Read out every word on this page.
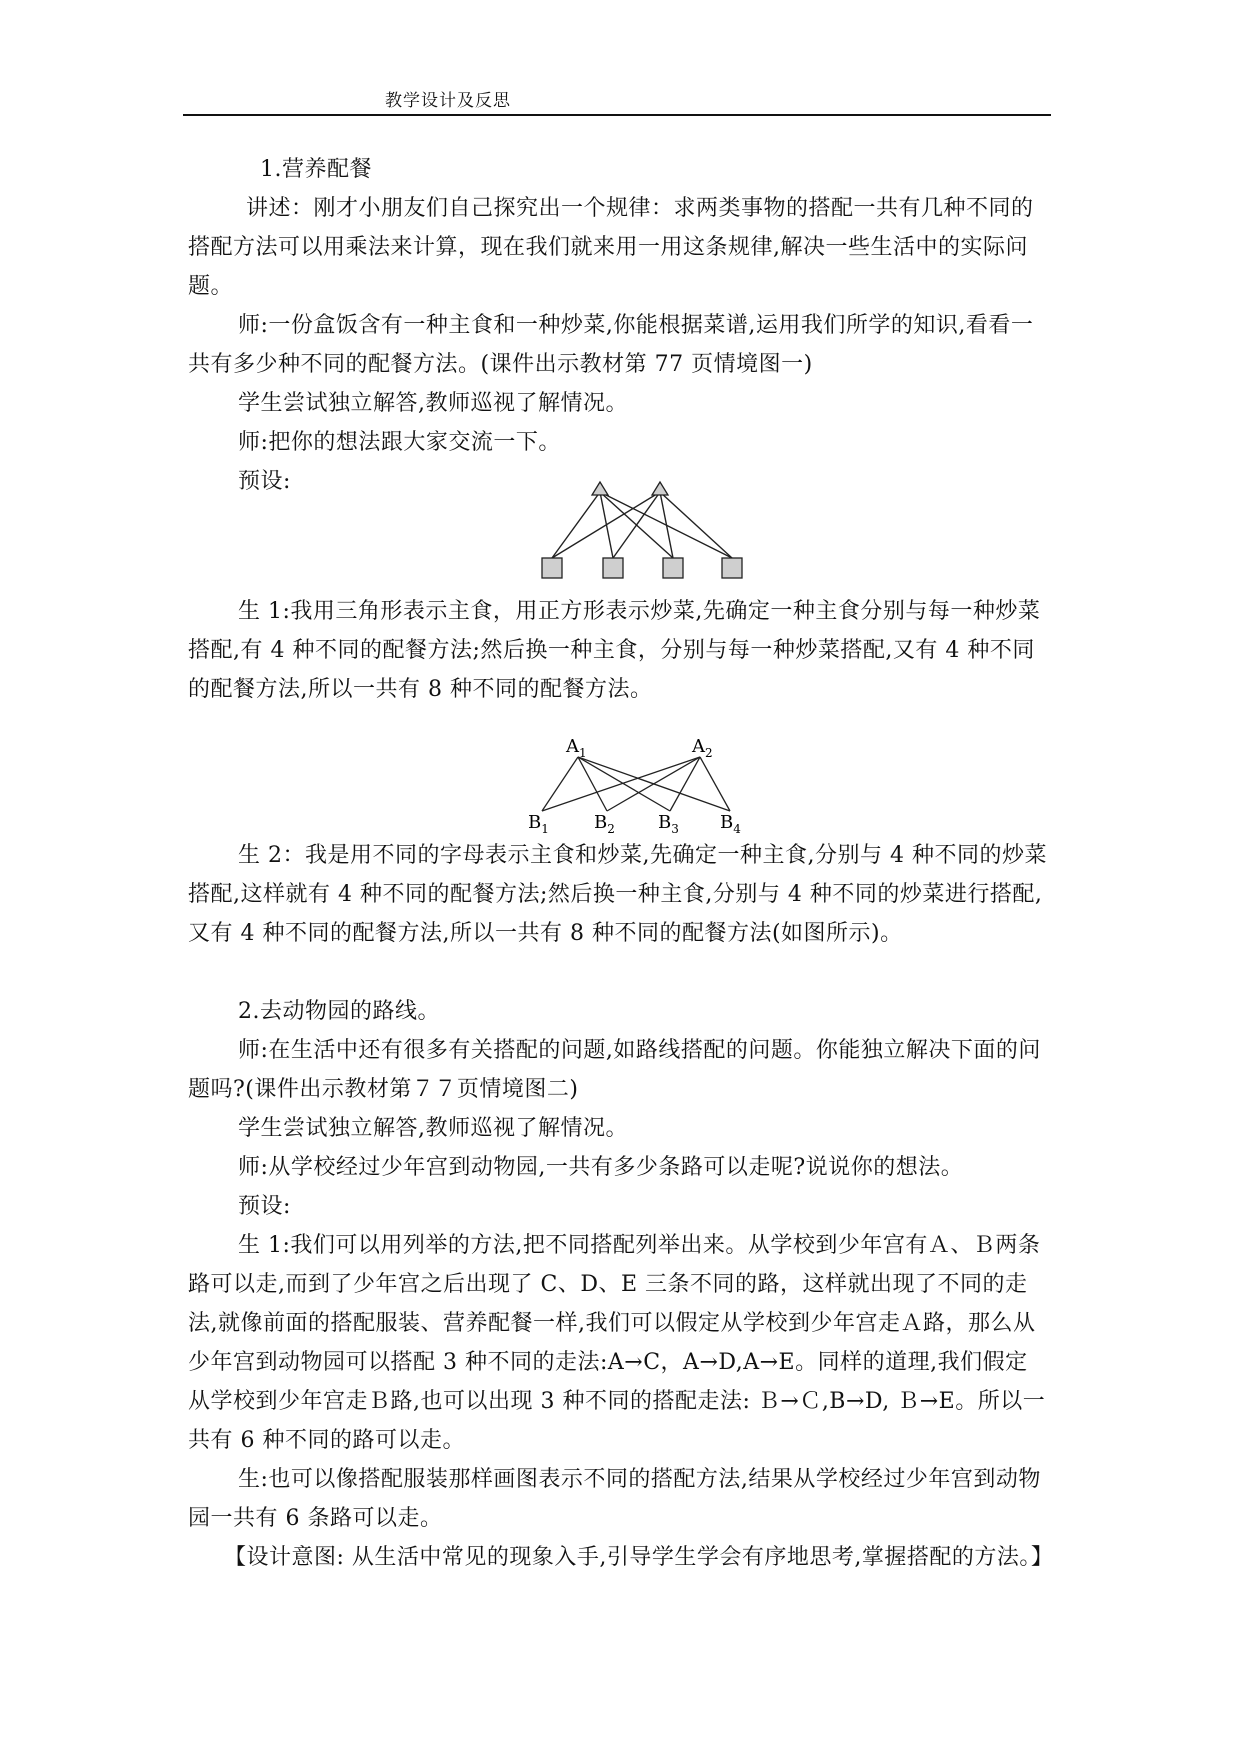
教学设计及反思

1.营养配餐

讲述：刚才小朋友们自己探究出一个规律：求两类事物的搭配一共有几种不同的搭配方法可以用乘法来计算，现在我们就来用一用这条规律,解决一些生活中的实际问题。

师:一份盒饭含有一种主食和一种炒菜,你能根据菜谱,运用我们所学的知识,看看一共有多少种不同的配餐方法。(课件出示教材第 77 页情境图一)

学生尝试独立解答,教师巡视了解情况。

师:把你的想法跟大家交流一下。

预设:

生 1:我用三角形表示主食，用正方形表示炒菜,先确定一种主食分别与每一种炒菜搭配,有 4 种不同的配餐方法;然后换一种主食，分别与每一种炒菜搭配,又有 4 种不同的配餐方法,所以一共有 8 种不同的配餐方法。

$A_1$	$A_2$
$B_1$	$B_2$ $B_3$ $B_4$

生 2：我是用不同的字母表示主食和炒菜,先确定一种主食,分别与 4 种不同的炒菜搭配,这样就有 4 种不同的配餐方法;然后换一种主食,分别与 4 种不同的炒菜进行搭配,又有 4 种不同的配餐方法,所以一共有 8 种不同的配餐方法(如图所示)。

2.去动物园的路线。

师:在生活中还有很多有关搭配的问题,如路线搭配的问题。你能独立解决下面的问题吗?(课件出示教材第７７页情境图二)

学生尝试独立解答,教师巡视了解情况。

师:从学校经过少年宫到动物园,一共有多少条路可以走呢?说说你的想法。

预设:

生 1:我们可以用列举的方法,把不同搭配列举出来。从学校到少年宫有Ａ、Ｂ两条路可以走,而到了少年宫之后出现了 C、D、E 三条不同的路，这样就出现了不同的走法,就像前面的搭配服装、营养配餐一样,我们可以假定从学校到少年宫走Ａ路，那么从少年宫到动物园可以搭配 3 种不同的走法:A→C，A→D,A→E。同样的道理,我们假定从学校到少年宫走Ｂ路,也可以出现 3 种不同的搭配走法: Ｂ→Ｃ,B→D, Ｂ→E。所以一共有 6 种不同的路可以走。

生:也可以像搭配服装那样画图表示不同的搭配方法,结果从学校经过少年宫到动物园一共有 6 条路可以走。

【设计意图: 从生活中常见的现象入手,引导学生学会有序地思考,掌握搭配的方法。】
